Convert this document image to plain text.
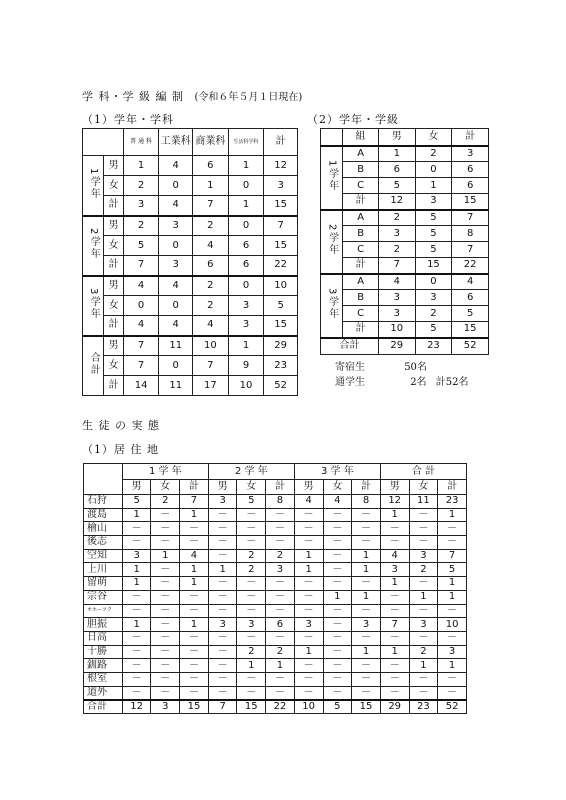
学 科・学 級 編 制 (令和６年５月１日現在)
（1）学年・学科	（2）学年・学級
		普 通 科	工業科	商業科	生活科学科	計
1学年	男	1	4	6	1	12
	女	2	0	1	0	3
	計	3	4	7	1	15
2学年	男	2	3	2	0	7
	女	5	0	4	6	15
	計	7	3	6	6	22
3学年	男	4	4	2	0	10
	女	0	0	2	3	5
	計	4	4	4	3	15
合計	男	7	11	10	1	29
	女	7	0	7	9	23
	計	14	11	17	10	52
	組	男	女	計
1学年	A	1	2	3
	B	6	0	6
	C	5	1	6
	計	12	3	15
2学年	A	2	5	7
	B	3	5	8
	C	2	5	7
	計	7	15	22
3学年	A	4	0	4
	B	3	3	6
	C	3	2	5
	計	10	5	15
合計		29	23	52
寄宿生	50名
通学生	2名 計52名
生 徒 の 実 態
（1）居 住 地
	1 学 年			2 学 年			3 学 年			合 計		
	男	女	計	男	女	計	男	女	計	男	女	計
石狩	5	2	7	3	5	8	4	4	8	12	11	23
渡島	1	－	1	－	－	－	－	－	－	1	－	1
檜山	－	－	－	－	－	－	－	－	－	－	－	－
後志	－	－	－	－	－	－	－	－	－	－	－	－
空知	3	1	4	－	2	2	1	－	1	4	3	7
上川	1	－	1	1	2	3	1	－	1	3	2	5
留萌	1	－	1	－	－	－	－	－	－	1	－	1
宗谷	－	－	－	－	－	－	－	1	1	－	1	1
オホーツク	－	－	－	－	－	－	－	－	－	－	－	－
胆振	1	－	1	3	3	6	3	－	3	7	3	10
日高	－	－	－	－	－	－	－	－	－	－	－	－
十勝	－	－	－	－	2	2	1	－	1	1	2	3
釧路	－	－	－	－	1	1	－	－	－	－	1	1
根室	－	－	－	－	－	－	－	－	－	－	－	－
道外	－	－	－	－	－	－	－	－	－	－	－	－
合計	12	3	15	7	15	22	10	5	15	29	23	52
